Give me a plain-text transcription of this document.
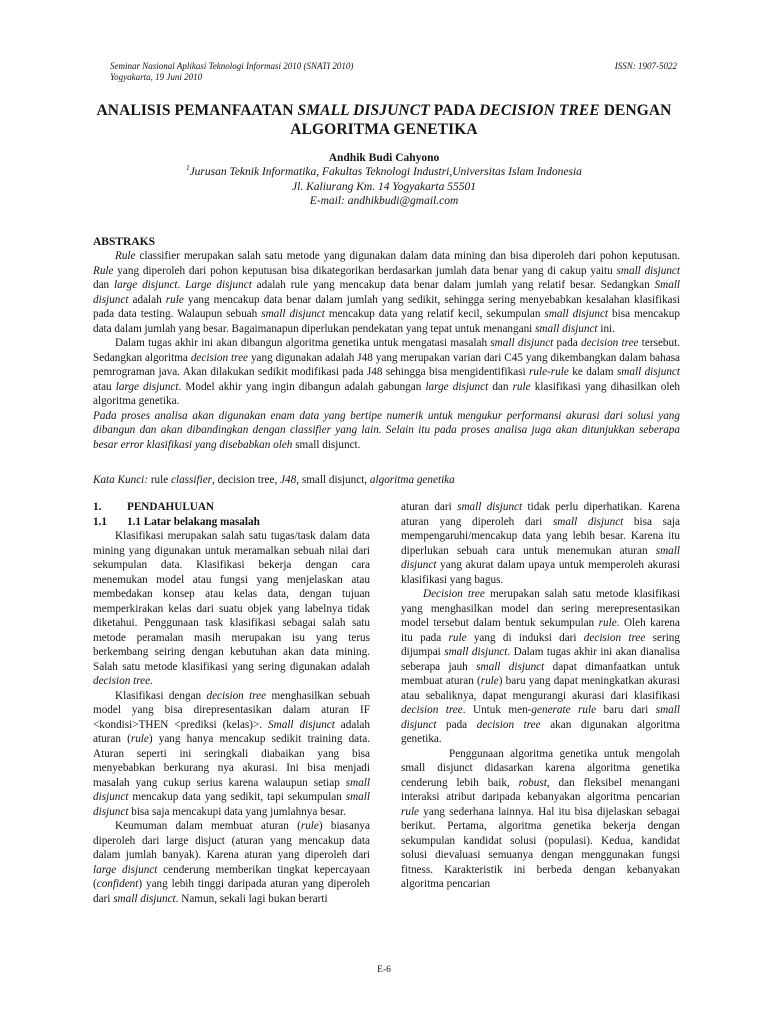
Seminar Nasional Aplikasi Teknologi Informasi 2010 (SNATI 2010)
Yogyakarta, 19 Juni 2010
ISSN: 1907-5022
ANALISIS PEMANFAATAN SMALL DISJUNCT PADA DECISION TREE DENGAN
ALGORITMA GENETIKA
Andhik Budi Cahyono
$^1$Jurusan Teknik Informatika, Fakultas Teknologi Industri,Universitas Islam Indonesia
Jl. Kaliurang Km. 14 Yogyakarta 55501
E-mail: andhikbudi@gmail.com
ABSTRAKS

Rule classifier merupakan salah satu metode yang digunakan dalam data mining dan bisa diperoleh dari pohon keputusan. Rule yang diperoleh dari pohon keputusan bisa dikategorikan berdasarkan jumlah data benar yang di cakup yaitu small disjunct dan large disjunct. Large disjunct adalah rule yang mencakup data benar dalam jumlah yang relatif besar. Sedangkan Small disjunct adalah rule yang mencakup data benar dalam jumlah yang sedikit, sehingga sering menyebabkan kesalahan klasifikasi pada data testing. Walaupun sebuah small disjunct mencakup data yang relatif kecil, sekumpulan small disjunct bisa mencakup data dalam jumlah yang besar. Bagaimanapun diperlukan pendekatan yang tepat untuk menangani small disjunct ini.

Dalam tugas akhir ini akan dibangun algoritma genetika untuk mengatasi masalah small disjunct pada decision tree tersebut. Sedangkan algoritma decision tree yang digunakan adalah J48 yang merupakan varian dari C45 yang dikembangkan dalam bahasa pemrograman java. Akan dilakukan sedikit modifikasi pada J48 sehingga bisa mengidentifikasi rule-rule ke dalam small disjunct atau large disjunct. Model akhir yang ingin dibangun adalah gabungan large disjunct dan rule klasifikasi yang dihasilkan oleh algoritma genetika.

Pada proses analisa akan digunakan enam data yang bertipe numerik untuk mengukur performansi akurasi dari solusi yang dibangun dan akan dibandingkan dengan classifier yang lain. Selain itu pada proses analisa juga akan ditunjukkan seberapa besar error klasifikasi yang disebabkan oleh small disjunct.

Kata Kunci: rule classifier, decision tree, J48, small disjunct, algoritma genetika
1. PENDAHULUAN
1.1 1.1 Latar belakang masalah

Klasifikasi merupakan salah satu tugas/task dalam data mining yang digunakan untuk meramalkan sebuah nilai dari sekumpulan data. Klasifikasi bekerja dengan cara menemukan model atau fungsi yang menjelaskan atau membedakan konsep atau kelas data, dengan tujuan memperkirakan kelas dari suatu objek yang labelnya tidak diketahui. Penggunaan task klasifikasi sebagai salah satu metode peramalan masih merupakan isu yang terus berkembang seiring dengan kebutuhan akan data mining. Salah satu metode klasifikasi yang sering digunakan adalah decision tree.

Klasifikasi dengan decision tree menghasilkan sebuah model yang bisa direpresentasikan dalam aturan IF <kondisi>THEN <prediksi (kelas)>. Small disjunct adalah aturan (rule) yang hanya mencakup sedikit training data. Aturan seperti ini seringkali diabaikan yang bisa menyebabkan berkurang nya akurasi. Ini bisa menjadi masalah yang cukup serius karena walaupun setiap small disjunct mencakup data yang sedikit, tapi sekumpulan small disjunct bisa saja mencakupi data yang jumlahnya besar.

Keumuman dalam membuat aturan (rule) biasanya diperoleh dari large disjuct (aturan yang mencakup data dalam jumlah banyak). Karena aturan yang diperoleh dari large disjunct cenderung memberikan tingkat kepercayaan (confident) yang lebih tinggi daripada aturan yang diperoleh dari small disjunct. Namun, sekali lagi bukan berarti

aturan dari small disjunct tidak perlu diperhatikan. Karena aturan yang diperoleh dari small disjunct bisa saja mempengaruhi/mencakup data yang lebih besar. Karena itu diperlukan sebuah cara untuk menemukan aturan small disjunct yang akurat dalam upaya untuk memperoleh akurasi klasifikasi yang bagus.

Decision tree merupakan salah satu metode klasifikasi yang menghasilkan model dan sering merepresentasikan model tersebut dalam bentuk sekumpulan rule. Oleh karena itu pada rule yang di induksi dari decision tree sering dijumpai small disjunct. Dalam tugas akhir ini akan dianalisa seberapa jauh small disjunct dapat dimanfaatkan untuk membuat aturan (rule) baru yang dapat meningkatkan akurasi atau sebaliknya, dapat mengurangi akurasi dari klasifikasi decision tree. Untuk men-generate rule baru dari small disjunct pada decision tree akan digunakan algoritma genetika.

Penggunaan algoritma genetika untuk mengolah small disjunct didasarkan karena algoritma genetika cenderung lebih baik, robust, dan fleksibel menangani interaksi atribut daripada kebanyakan algoritma pencarian rule yang sederhana lainnya. Hal itu bisa dijelaskan sebagai berikut. Pertama, algoritma genetika bekerja dengan sekumpulan kandidat solusi (populasi). Kedua, kandidat solusi dievaluasi semuanya dengan menggunakan fungsi fitness. Karakteristik ini berbeda dengan kebanyakan algoritma pencarian

E-6
